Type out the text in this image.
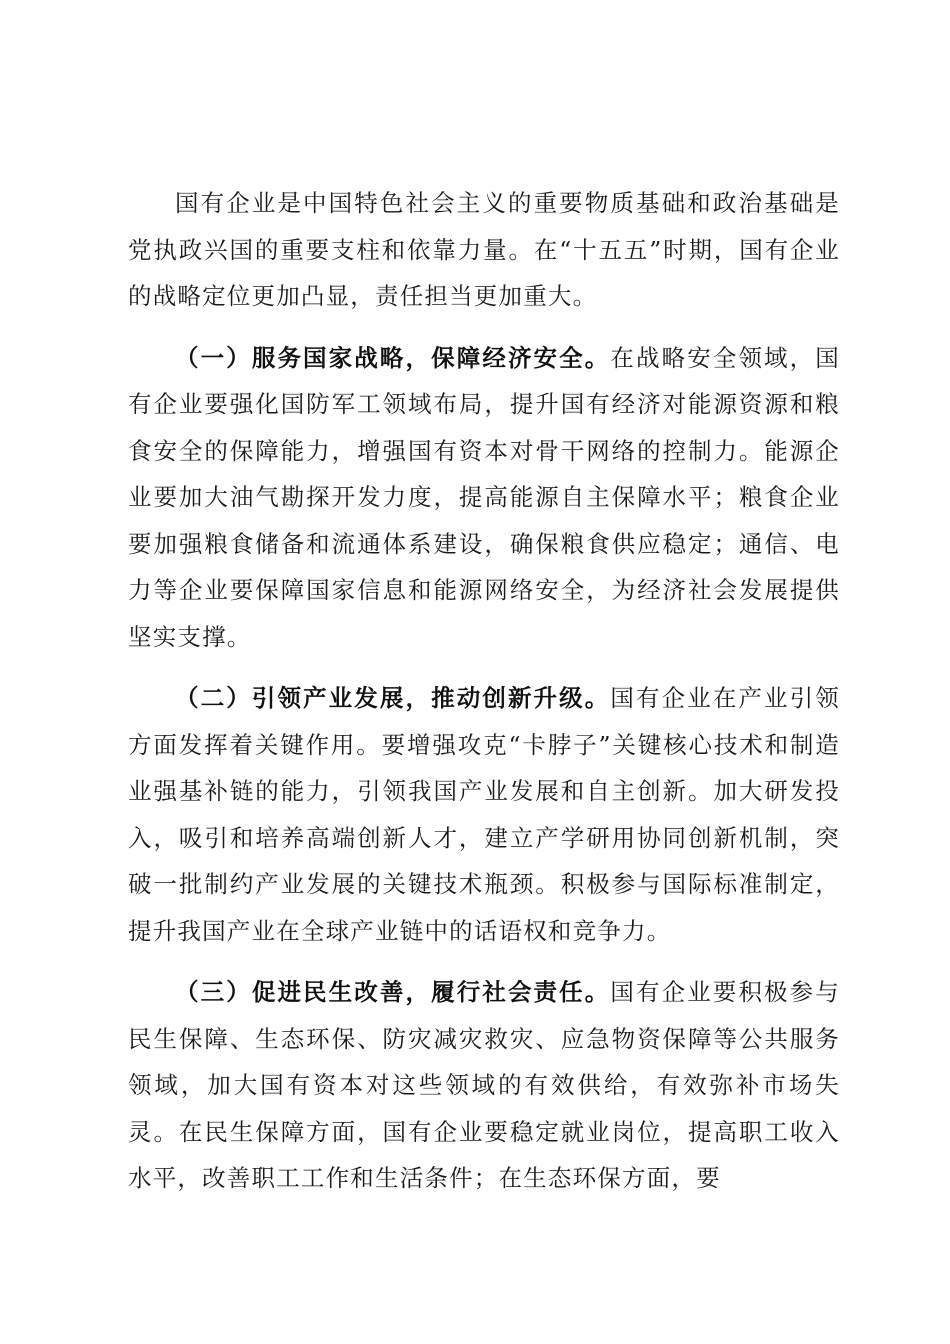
国有企业是中国特色社会主义的重要物质基础和政治基础是党执政兴国的重要支柱和依靠力量。在“十五五”时期，国有企业的战略定位更加凸显，责任担当更加重大。

（一）服务国家战略，保障经济安全。在战略安全领域，国有企业要强化国防军工领域布局，提升国有经济对能源资源和粮食安全的保障能力，增强国有资本对骨干网络的控制力。能源企业要加大油气勘探开发力度，提高能源自主保障水平；粮食企业要加强粮食储备和流通体系建设，确保粮食供应稳定；通信、电力等企业要保障国家信息和能源网络安全，为经济社会发展提供坚实支撑。

（二）引领产业发展，推动创新升级。国有企业在产业引领方面发挥着关键作用。要增强攻克“卡脖子”关键核心技术和制造业强基补链的能力，引领我国产业发展和自主创新。加大研发投入，吸引和培养高端创新人才，建立产学研用协同创新机制，突破一批制约产业发展的关键技术瓶颈。积极参与国际标准制定，提升我国产业在全球产业链中的话语权和竞争力。

（三）促进民生改善，履行社会责任。国有企业要积极参与民生保障、生态环保、防灾减灾救灾、应急物资保障等公共服务领域，加大国有资本对这些领域的有效供给，有效弥补市场失灵。在民生保障方面，国有企业要稳定就业岗位，提高职工收入水平，改善职工工作和生活条件；在生态环保方面，要
